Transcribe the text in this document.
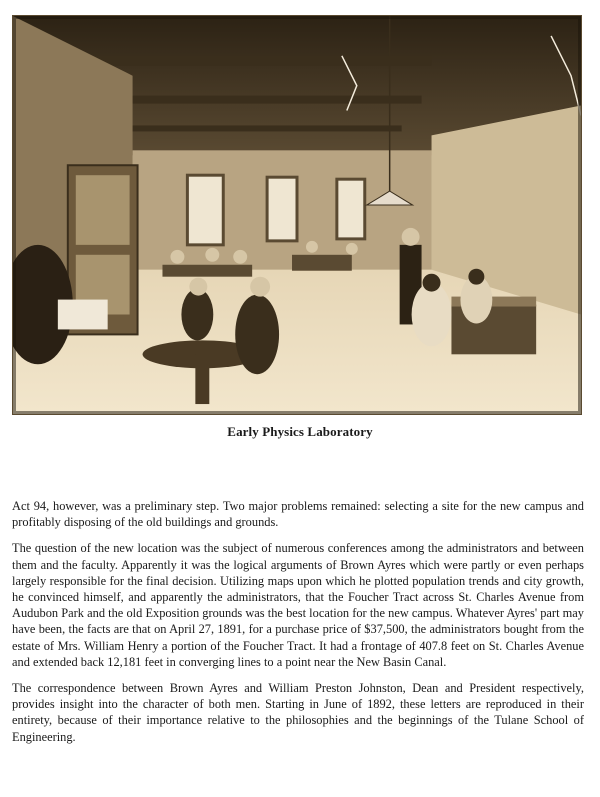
Early Physics Laboratory

Act 94, however, was a preliminary step. Two major problems remained: selecting a site for the new campus and profitably disposing of the old buildings and grounds.

The question of the new location was the subject of numerous conferences among the administrators and between them and the faculty. Apparently it was the logical arguments of Brown Ayres which were partly or even perhaps largely responsible for the final decision. Utilizing maps upon which he plotted population trends and city growth, he convinced himself, and apparently the administrators, that the Foucher Tract across St. Charles Avenue from Audubon Park and the old Exposition grounds was the best location for the new campus. Whatever Ayres' part may have been, the facts are that on April 27, 1891, for a purchase price of $37,500, the administrators bought from the estate of Mrs. William Henry a portion of the Foucher Tract. It had a frontage of 407.8 feet on St. Charles Avenue and extended back 12,181 feet in converging lines to a point near the New Basin Canal.

The correspondence between Brown Ayres and William Preston Johnston, Dean and President respectively, provides insight into the character of both men. Starting in June of 1892, these letters are reproduced in their entirety, because of their importance relative to the philosophies and the beginnings of the Tulane School of Engineering.
